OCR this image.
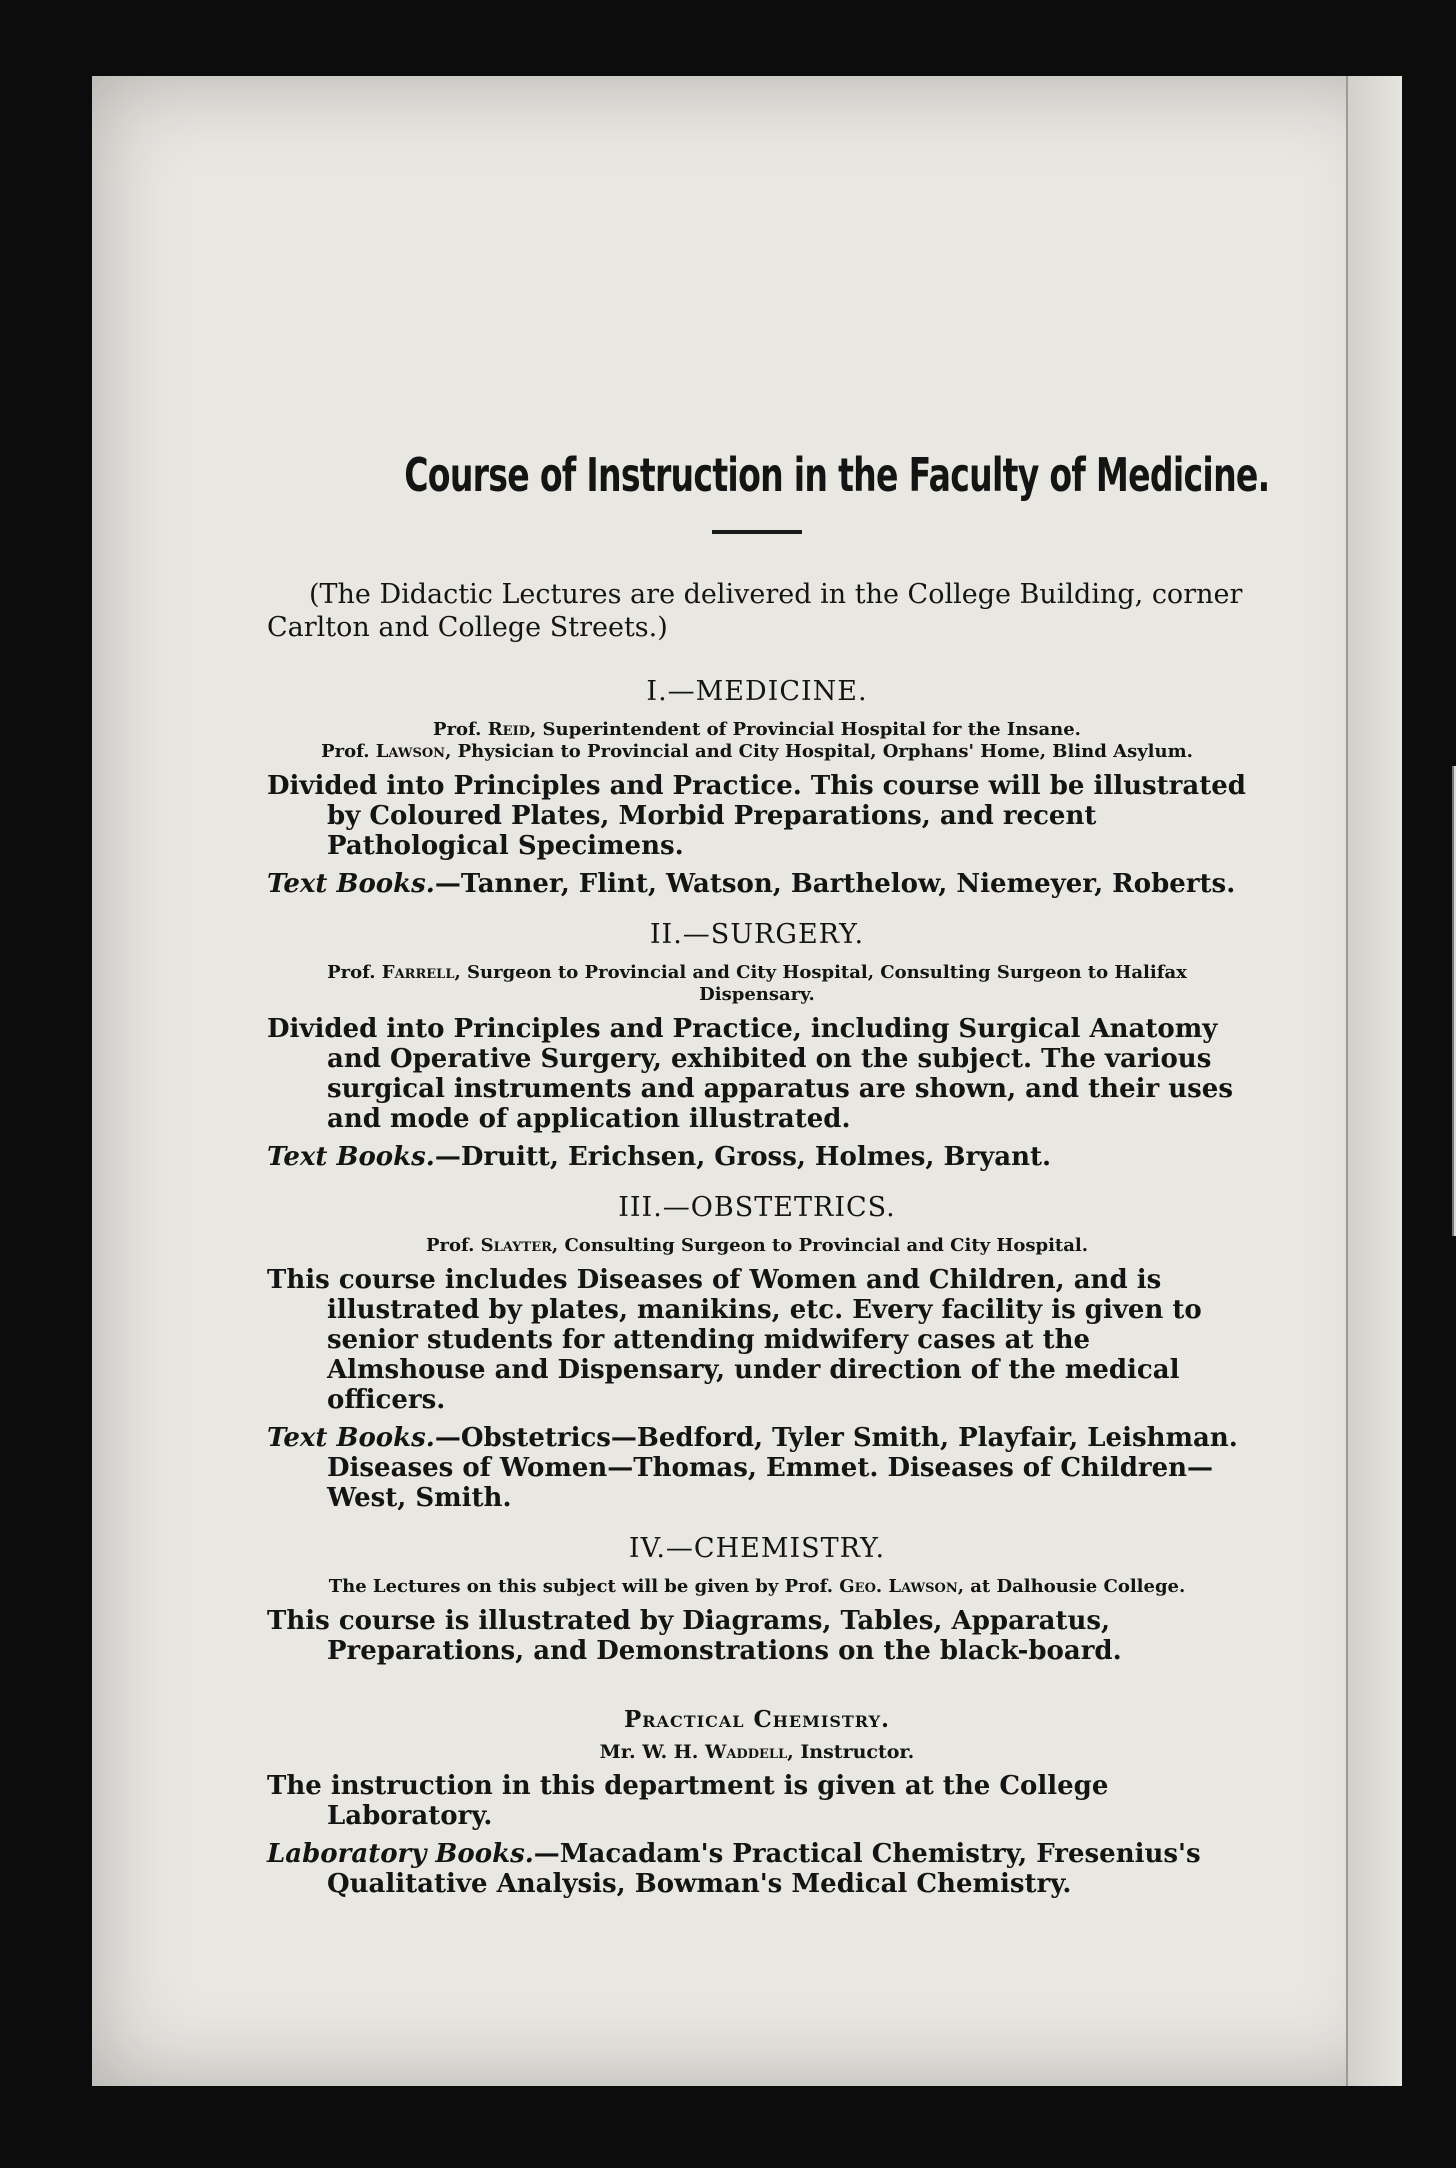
Course of Instruction in the Faculty of Medicine.

(The Didactic Lectures are delivered in the College Building, corner Carlton and College Streets.)

I.—MEDICINE.

Prof. Reid, Superintendent of Provincial Hospital for the Insane.

Prof. Lawson, Physician to Provincial and City Hospital, Orphans' Home, Blind Asylum.

Divided into Principles and Practice. This course will be illustrated by Coloured Plates, Morbid Preparations, and recent Pathological Specimens.

Text Books.—Tanner, Flint, Watson, Barthelow, Niemeyer, Roberts.

II.—SURGERY.

Prof. Farrell, Surgeon to Provincial and City Hospital, Consulting Surgeon to Halifax Dispensary.

Divided into Principles and Practice, including Surgical Anatomy and Operative Surgery, exhibited on the subject. The various surgical instruments and apparatus are shown, and their uses and mode of application illustrated.

Text Books.—Druitt, Erichsen, Gross, Holmes, Bryant.

III.—OBSTETRICS.

Prof. Slayter, Consulting Surgeon to Provincial and City Hospital.

This course includes Diseases of Women and Children, and is illustrated by plates, manikins, etc. Every facility is given to senior students for attending midwifery cases at the Almshouse and Dispensary, under direction of the medical officers.

Text Books.—Obstetrics—Bedford, Tyler Smith, Playfair, Leishman. Diseases of Women—Thomas, Emmet. Diseases of Children—West, Smith.

IV.—CHEMISTRY.

The Lectures on this subject will be given by Prof. Geo. Lawson, at Dalhousie College.

This course is illustrated by Diagrams, Tables, Apparatus, Preparations, and Demonstrations on the black-board.

Practical Chemistry.

Mr. W. H. Waddell, Instructor.

The instruction in this department is given at the College Laboratory.

Laboratory Books.—Macadam's Practical Chemistry, Fresenius's Qualitative Analysis, Bowman's Medical Chemistry.
